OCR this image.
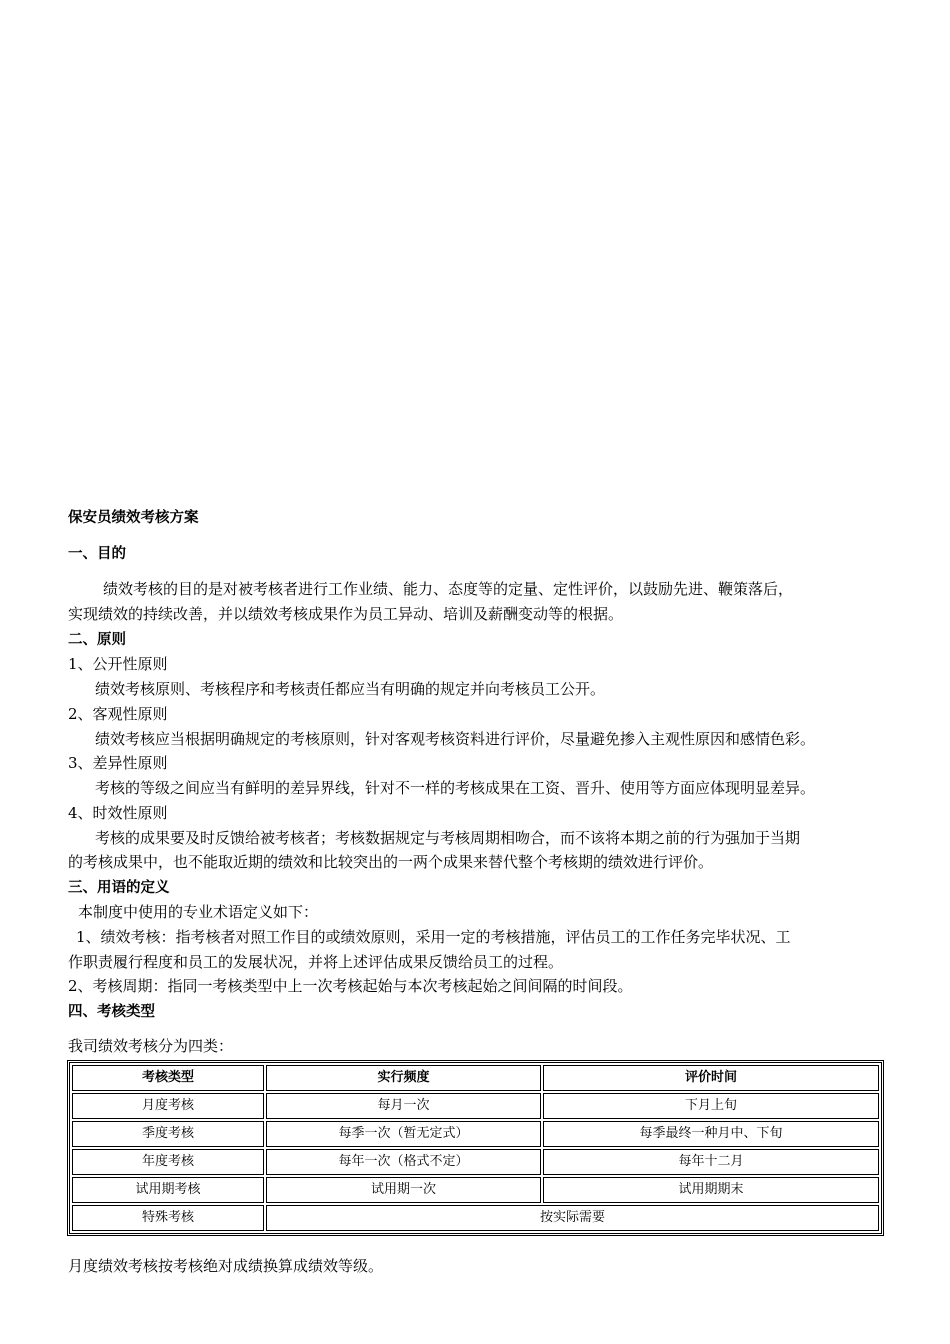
保安员绩效考核方案
一、目的
绩效考核的目的是对被考核者进行工作业绩、能力、态度等的定量、定性评价，以鼓励先进、鞭策落后，
实现绩效的持续改善，并以绩效考核成果作为员工异动、培训及薪酬变动等的根据。
二、原则
1、公开性原则
绩效考核原则、考核程序和考核责任都应当有明确的规定并向考核员工公开。
2、客观性原则
绩效考核应当根据明确规定的考核原则，针对客观考核资料进行评价，尽量避免掺入主观性原因和感情色彩。
3、差异性原则
考核的等级之间应当有鲜明的差异界线，针对不一样的考核成果在工资、晋升、使用等方面应体现明显差异。
4、时效性原则
考核的成果要及时反馈给被考核者；考核数据规定与考核周期相吻合，而不该将本期之前的行为强加于当期
的考核成果中，也不能取近期的绩效和比较突出的一两个成果来替代整个考核期的绩效进行评价。
三、用语的定义
本制度中使用的专业术语定义如下：
1、绩效考核：指考核者对照工作目的或绩效原则，采用一定的考核措施，评估员工的工作任务完毕状况、工
作职责履行程度和员工的发展状况，并将上述评估成果反馈给员工的过程。
2、考核周期：指同一考核类型中上一次考核起始与本次考核起始之间间隔的时间段。
四、考核类型
我司绩效考核分为四类：
考核类型	实行频度	评价时间
月度考核	每月一次	下月上旬
季度考核	每季一次（暂无定式）	每季最终一种月中、下旬
年度考核	每年一次（格式不定）	每年十二月
试用期考核	试用期一次	试用期期末
特殊考核	按实际需要	
月度绩效考核按考核绝对成绩换算成绩效等级。
